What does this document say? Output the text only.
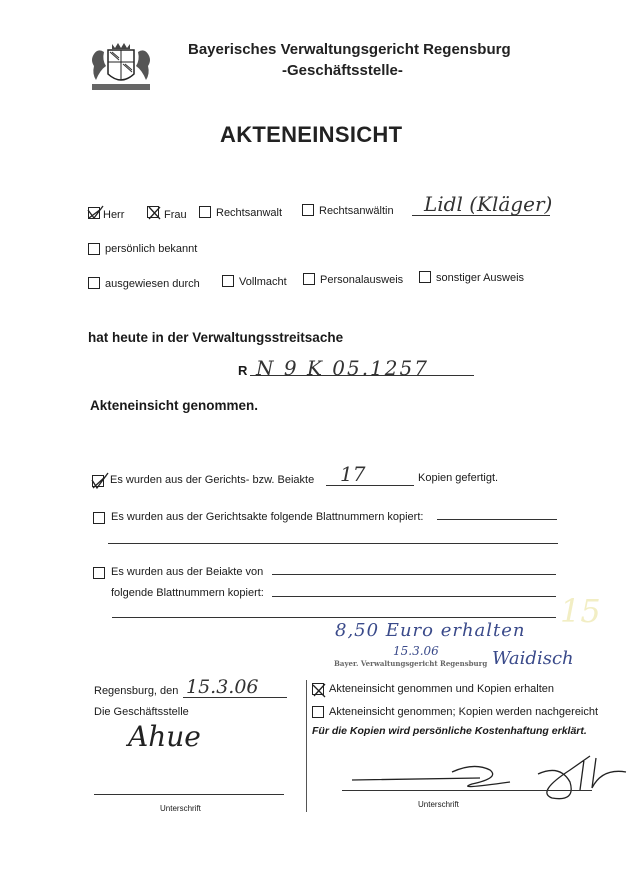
Bayerisches Verwaltungsgericht Regensburg
-Geschäftsstelle-
AKTENEINSICHT
Herr	Frau	Rechtsanwalt	Rechtsanwältin Lidl (Kläger)
persönlich bekannt
ausgewiesen durch	Vollmacht	Personalausweis	sonstiger Ausweis
hat heute in der Verwaltungsstreitsache
R N 9 K 05.1257
Akteneinsicht genommen.
Es wurden aus der Gerichts- bzw. Beiakte 17	Kopien gefertigt.
Es wurden aus der Gerichtsakte folgende Blattnummern kopiert:
Es wurden aus der Beiakte von
folgende Blattnummern kopiert:
8,50 Euro erhalten
15.3.06
Bayer. Verwaltungsgericht Regensburg Waidisch
15
Regensburg, den 15.3.06
Die Geschäftsstelle
Ahue
Unterschrift
Akteneinsicht genommen und Kopien erhalten
Akteneinsicht genommen; Kopien werden nachgereicht
Für die Kopien wird persönliche Kostenhaftung erklärt.
Unterschrift
